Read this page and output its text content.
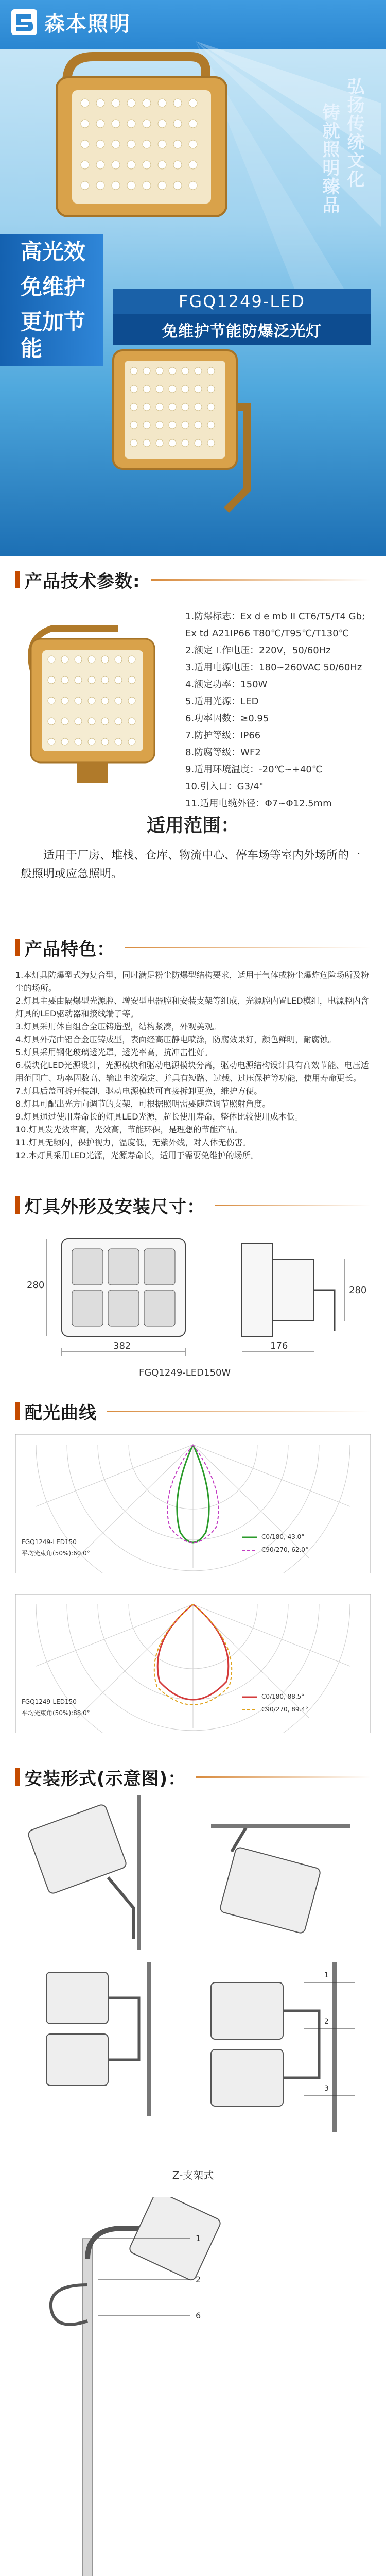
森本照明
弘扬传统文化
铸就照明臻品
高光效
免维护
更加节能
FGQ1249-LED
免维护节能防爆泛光灯
产品技术参数:
1.防爆标志：Ex d e mb II CT6/T5/T4 Gb;
Ex td A21IP66 T80℃/T95℃/T130℃
2.额定工作电压：220V，50/60Hz
3.适用电源电压：180~260VAC 50/60Hz
4.额定功率：150W
5.适用光源：LED
6.功率因数：≥0.95
7.防护等级：IP66
8.防腐等级：WF2
9.适用环境温度：-20℃~+40℃
10.引入口：G3/4"
11.适用电缆外径：Φ7~Φ12.5mm
适用范围：
适用于厂房、堆栈、仓库、物流中心、停车场等室内外场所的一般照明或应急照明。
产品特色：
1.本灯具防爆型式为复合型，同时满足粉尘防爆型结构要求，适用于气体或粉尘爆炸危险场所及粉尘的场所。
2.灯具主要由隔爆型光源腔、增安型电器腔和安装支架等组成，光源腔内置LED模组，电源腔内含灯具的LED驱动器和接线端子等。
3.灯具采用体自组合全压铸造型，结构紧凑，外观美观。
4.灯具外壳由铝合金压铸成型，表面经高压静电喷涂，防腐效果好，颜色鲜明，耐腐蚀。
5.灯具采用钢化玻璃透光罩，透光率高，抗冲击性好。
6.模块化LED光源设计，光源模块和驱动电源模块分离，驱动电源结构设计具有高效节能、电压适用范围广、功率因数高、输出电流稳定、并具有短路、过载、过压保护等功能，使用寿命更长。
7.灯具后盖可拆开装卸，驱动电源模块可直接拆卸更换，维护方便。
8.灯具可配出光方向调节的支架，可根据照明需要随意调节照射角度。
9.灯具通过使用寿命长的灯具LED光源，超长使用寿命，整体比较使用成本低。
10.灯具发光效率高，光效高，节能环保，是理想的节能产品。
11.灯具无频闪，保护视力，温度低，无紫外线，对人体无伤害。
12.本灯具采用LED光源，光源寿命长，适用于需要免维护的场所。
灯具外形及安装尺寸：
382
280
176
280
FGQ1249-LED150W
配光曲线
FGQ1249-LED150
平均光束角(50%):60.0°
C0/180, 43.0°
C90/270, 62.0°
FGQ1249-LED150
平均光束角(50%):88.0°
C0/180, 88.5°
C90/270, 89.4°
安装形式(示意图)：

1
2
3
Z-支架式
1
2
6
